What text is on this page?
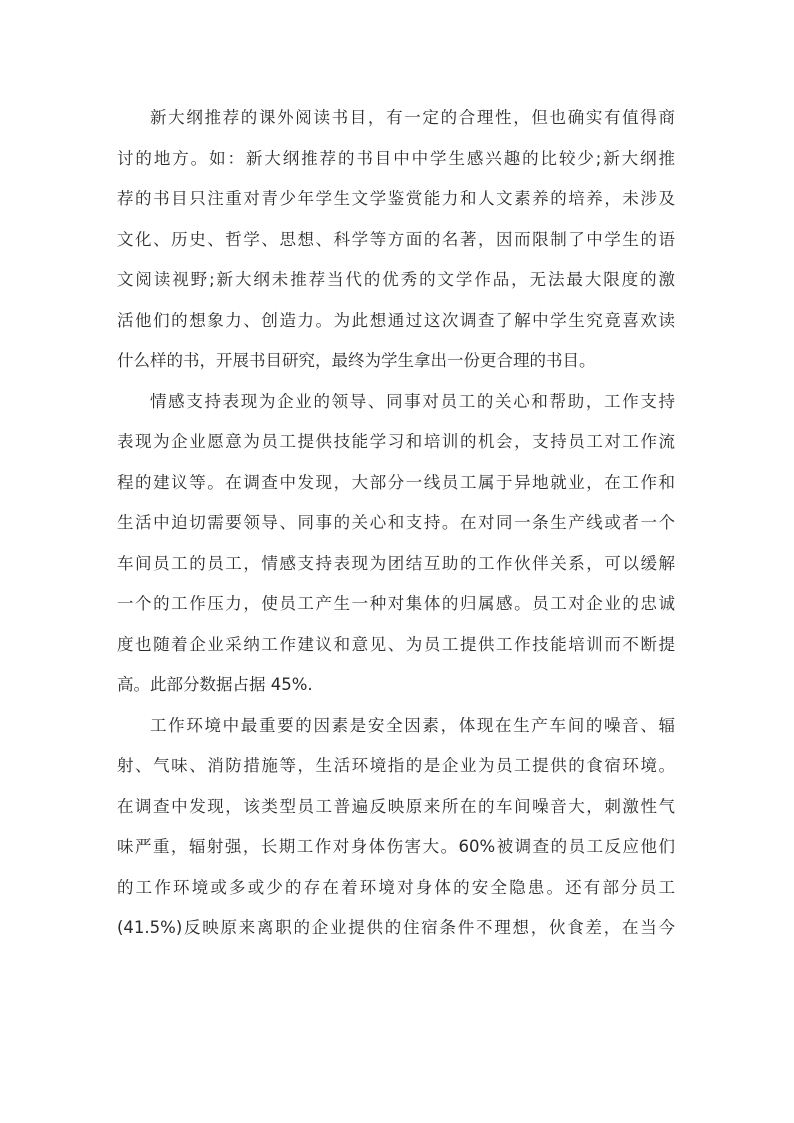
新大纲推荐的课外阅读书目，有一定的合理性，但也确实有值得商
讨的地方。如：新大纲推荐的书目中中学生感兴趣的比较少;新大纲推
荐的书目只注重对青少年学生文学鉴赏能力和人文素养的培养，未涉及
文化、历史、哲学、思想、科学等方面的名著，因而限制了中学生的语
文阅读视野;新大纲未推荐当代的优秀的文学作品，无法最大限度的激
活他们的想象力、创造力。为此想通过这次调查了解中学生究竟喜欢读
什么样的书，开展书目研究，最终为学生拿出一份更合理的书目。
情感支持表现为企业的领导、同事对员工的关心和帮助，工作支持
表现为企业愿意为员工提供技能学习和培训的机会，支持员工对工作流
程的建议等。在调查中发现，大部分一线员工属于异地就业，在工作和
生活中迫切需要领导、同事的关心和支持。在对同一条生产线或者一个
车间员工的员工，情感支持表现为团结互助的工作伙伴关系，可以缓解
一个的工作压力，使员工产生一种对集体的归属感。员工对企业的忠诚
度也随着企业采纳工作建议和意见、为员工提供工作技能培训而不断提
高。此部分数据占据 45%.
工作环境中最重要的因素是安全因素，体现在生产车间的噪音、辐
射、气味、消防措施等，生活环境指的是企业为员工提供的食宿环境。
在调查中发现，该类型员工普遍反映原来所在的车间噪音大，刺激性气
味严重，辐射强，长期工作对身体伤害大。60%被调查的员工反应他们
的工作环境或多或少的存在着环境对身体的安全隐患。还有部分员工
(41.5%)反映原来离职的企业提供的住宿条件不理想，伙食差，在当今
